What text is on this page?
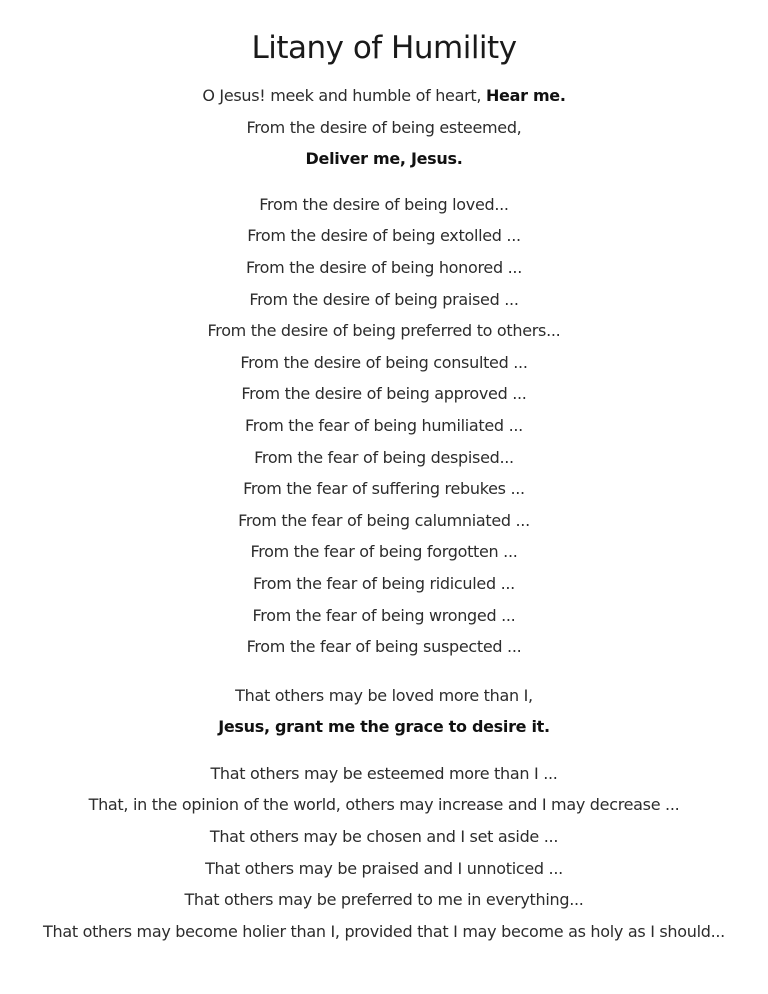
Litany of Humility
O Jesus! meek and humble of heart, Hear me.
From the desire of being esteemed,
Deliver me, Jesus.
From the desire of being loved...
From the desire of being extolled ...
From the desire of being honored ...
From the desire of being praised ...
From the desire of being preferred to others...
From the desire of being consulted ...
From the desire of being approved ...
From the fear of being humiliated ...
From the fear of being despised...
From the fear of suffering rebukes ...
From the fear of being calumniated ...
From the fear of being forgotten ...
From the fear of being ridiculed ...
From the fear of being wronged ...
From the fear of being suspected ...
That others may be loved more than I,
Jesus, grant me the grace to desire it.
That others may be esteemed more than I ...
That, in the opinion of the world, others may increase and I may decrease ...
That others may be chosen and I set aside ...
That others may be praised and I unnoticed ...
That others may be preferred to me in everything...
That others may become holier than I, provided that I may become as holy as I should...
